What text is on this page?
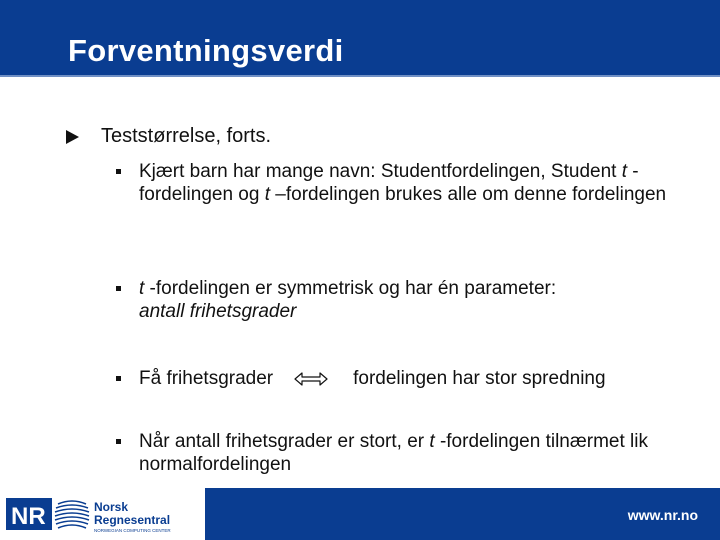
Forventningsverdi
Teststørrelse, forts.
Kjært barn har mange navn: Studentfordelingen, Student t -fordelingen og t –fordelingen brukes alle om denne fordelingen
t -fordelingen er symmetrisk og har én parameter:
antall frihetsgrader
Få frihetsgrader	fordelingen har stor spredning
Når antall frihetsgrader er stort, er t -fordelingen tilnærmet lik normalfordelingen
NR	Norsk
Regnesentral
NORWEGIAN COMPUTING CENTER
www.nr.no
